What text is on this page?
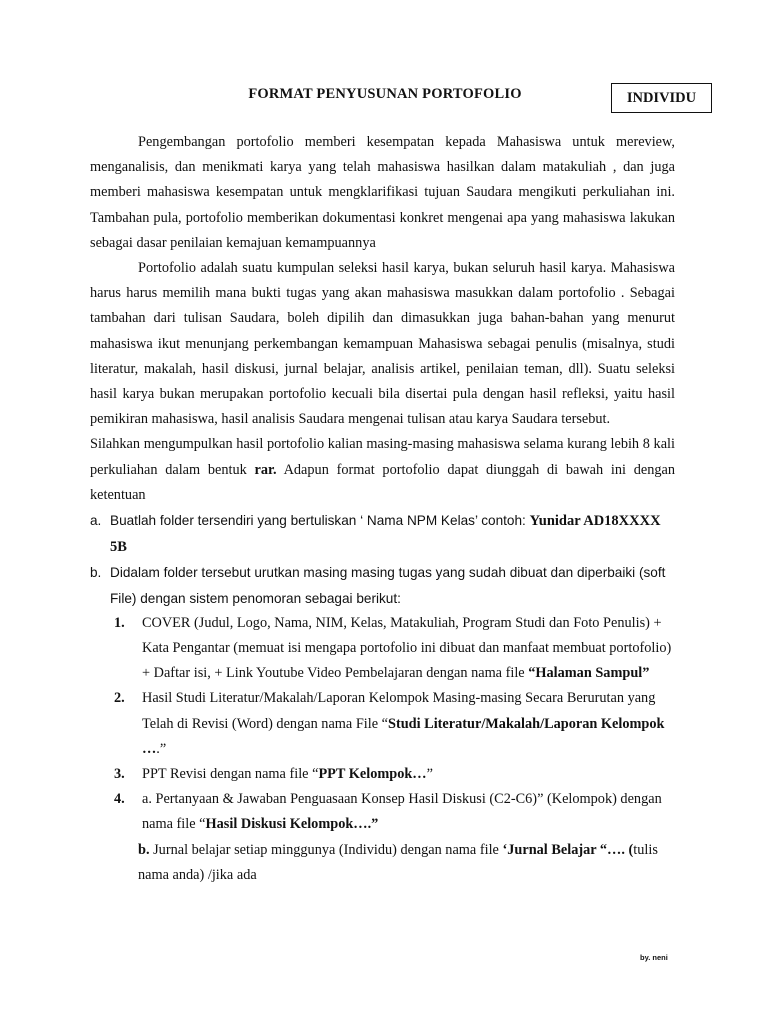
FORMAT PENYUSUNAN PORTOFOLIO	INDIVIDU

Pengembangan portofolio memberi kesempatan kepada Mahasiswa untuk mereview, menganalisis, dan menikmati karya yang telah mahasiswa hasilkan dalam matakuliah , dan juga memberi mahasiswa kesempatan untuk mengklarifikasi tujuan Saudara mengikuti perkuliahan ini. Tambahan pula, portofolio memberikan dokumentasi konkret mengenai apa yang mahasiswa lakukan sebagai dasar penilaian kemajuan kemampuannya

Portofolio adalah suatu kumpulan seleksi hasil karya, bukan seluruh hasil karya. Mahasiswa harus harus memilih mana bukti tugas yang akan mahasiswa masukkan dalam portofolio . Sebagai tambahan dari tulisan Saudara, boleh dipilih dan dimasukkan juga bahan-bahan yang menurut mahasiswa ikut menunjang perkembangan kemampuan Mahasiswa sebagai penulis (misalnya, studi literatur, makalah, hasil diskusi, jurnal belajar, analisis artikel, penilaian teman, dll). Suatu seleksi hasil karya bukan merupakan portofolio kecuali bila disertai pula dengan hasil refleksi, yaitu hasil pemikiran mahasiswa, hasil analisis Saudara mengenai tulisan atau karya Saudara tersebut.

Silahkan mengumpulkan hasil portofolio kalian masing-masing mahasiswa selama kurang lebih 8 kali perkuliahan dalam bentuk rar. Adapun format portofolio dapat diunggah di bawah ini dengan ketentuan

a. Buatlah folder tersendiri yang bertuliskan ‘ Nama NPM Kelas’ contoh: Yunidar AD18XXXX 5B
b. Didalam folder tersebut urutkan masing masing tugas yang sudah dibuat dan diperbaiki (soft File) dengan sistem penomoran sebagai berikut:
1. COVER (Judul, Logo, Nama, NIM, Kelas, Matakuliah, Program Studi dan Foto Penulis) + Kata Pengantar (memuat isi mengapa portofolio ini dibuat dan manfaat membuat portofolio) + Daftar isi, + Link Youtube Video Pembelajaran dengan nama file “Halaman Sampul”
2. Hasil Studi Literatur/Makalah/Laporan Kelompok Masing-masing Secara Berurutan yang Telah di Revisi (Word) dengan nama File “Studi Literatur/Makalah/Laporan Kelompok ….”
3. PPT Revisi dengan nama file “PPT Kelompok…”
4. a. Pertanyaan & Jawaban Penguasaan Konsep Hasil Diskusi (C2-C6)” (Kelompok) dengan nama file “Hasil Diskusi Kelompok….”
b. Jurnal belajar setiap minggunya (Individu) dengan nama file ‘Jurnal Belajar “…. (tulis nama anda) /jika ada
by. neni
